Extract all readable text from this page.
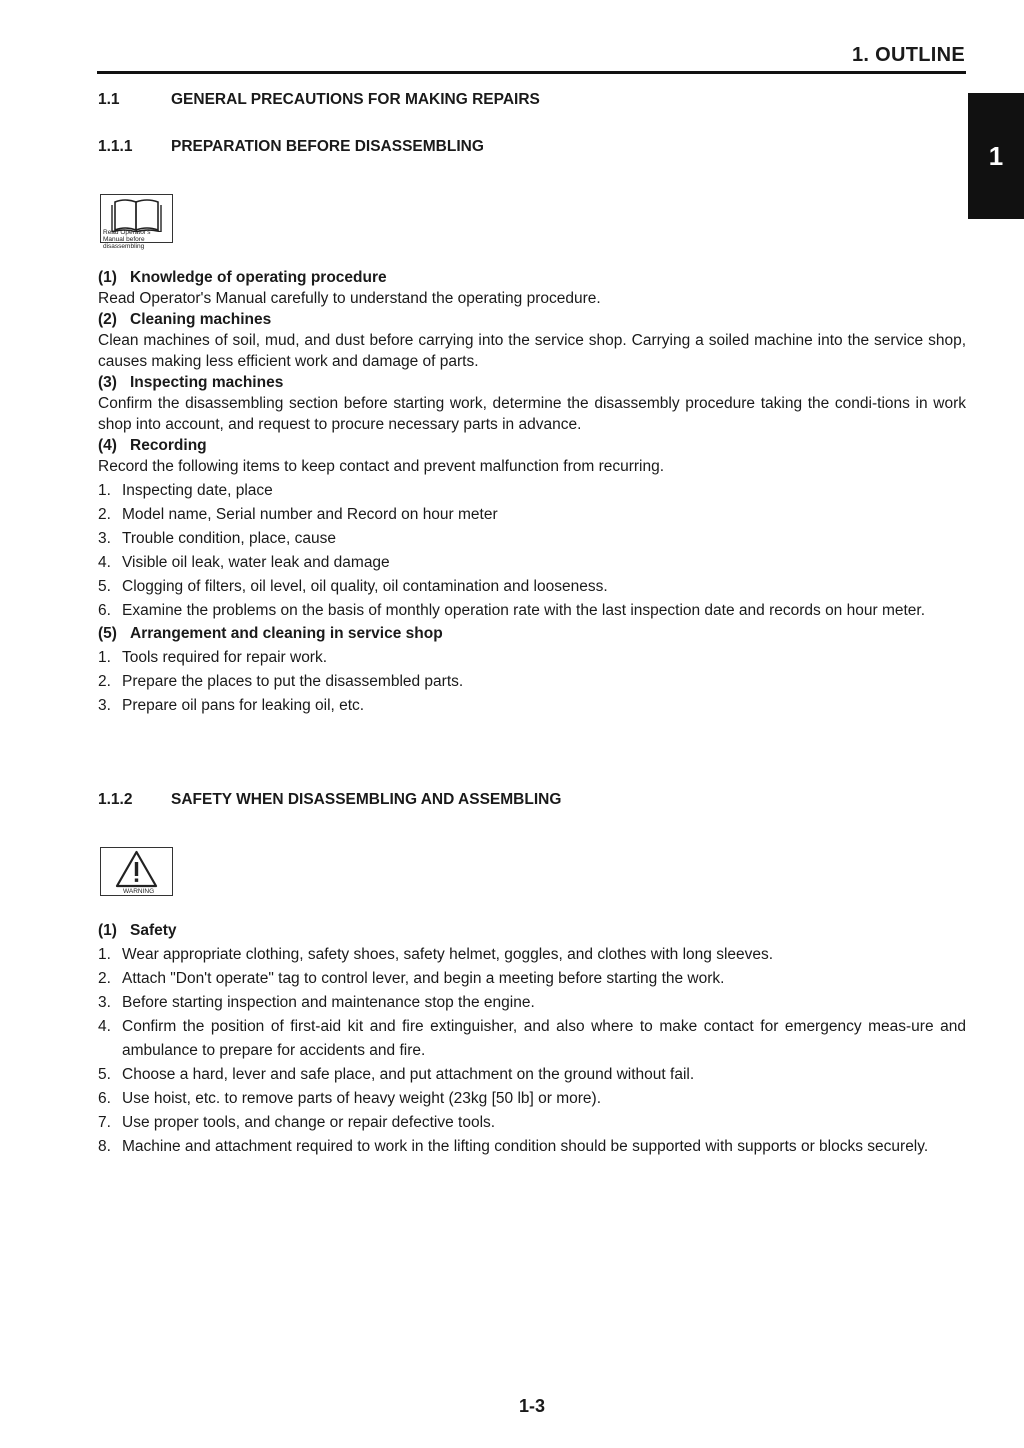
1. OUTLINE
1
1.1	GENERAL PRECAUTIONS FOR MAKING REPAIRS
1.1.1 PREPARATION BEFORE DISASSEMBLING
Read Operator's Manual before disassembling
(1) Knowledge of operating procedure
Read Operator's Manual carefully to understand the operating procedure.
(2) Cleaning machines
Clean machines of soil, mud, and dust before carrying into the service shop. Carrying a soiled machine into the service shop, causes making less efficient work and damage of parts.
(3) Inspecting machines
Confirm the disassembling section before starting work, determine the disassembly procedure taking the condi-tions in work shop into account, and request to procure necessary parts in advance.
(4) Recording
Record the following items to keep contact and prevent malfunction from recurring.
1. Inspecting date, place
2. Model name, Serial number and Record on hour meter
3. Trouble condition, place, cause
4. Visible oil leak, water leak and damage
5. Clogging of filters, oil level, oil quality, oil contamination and looseness.
6. Examine the problems on the basis of monthly operation rate with the last inspection date and records on hour meter.
(5) Arrangement and cleaning in service shop
1. Tools required for repair work.
2. Prepare the places to put the disassembled parts.
3. Prepare oil pans for leaking oil, etc.
1.1.2 SAFETY WHEN DISASSEMBLING AND ASSEMBLING
WARNING
(1) Safety
1. Wear appropriate clothing, safety shoes, safety helmet, goggles, and clothes with long sleeves.
2. Attach "Don't operate" tag to control lever, and begin a meeting before starting the work.
3. Before starting inspection and maintenance stop the engine.
4. Confirm the position of first-aid kit and fire extinguisher, and also where to make contact for emergency meas-ure and ambulance to prepare for accidents and fire.
5. Choose a hard, lever and safe place, and put attachment on the ground without fail.
6. Use hoist, etc. to remove parts of heavy weight (23kg [50 lb] or more).
7. Use proper tools, and change or repair defective tools.
8. Machine and attachment required to work in the lifting condition should be supported with supports or blocks securely.
1-3
